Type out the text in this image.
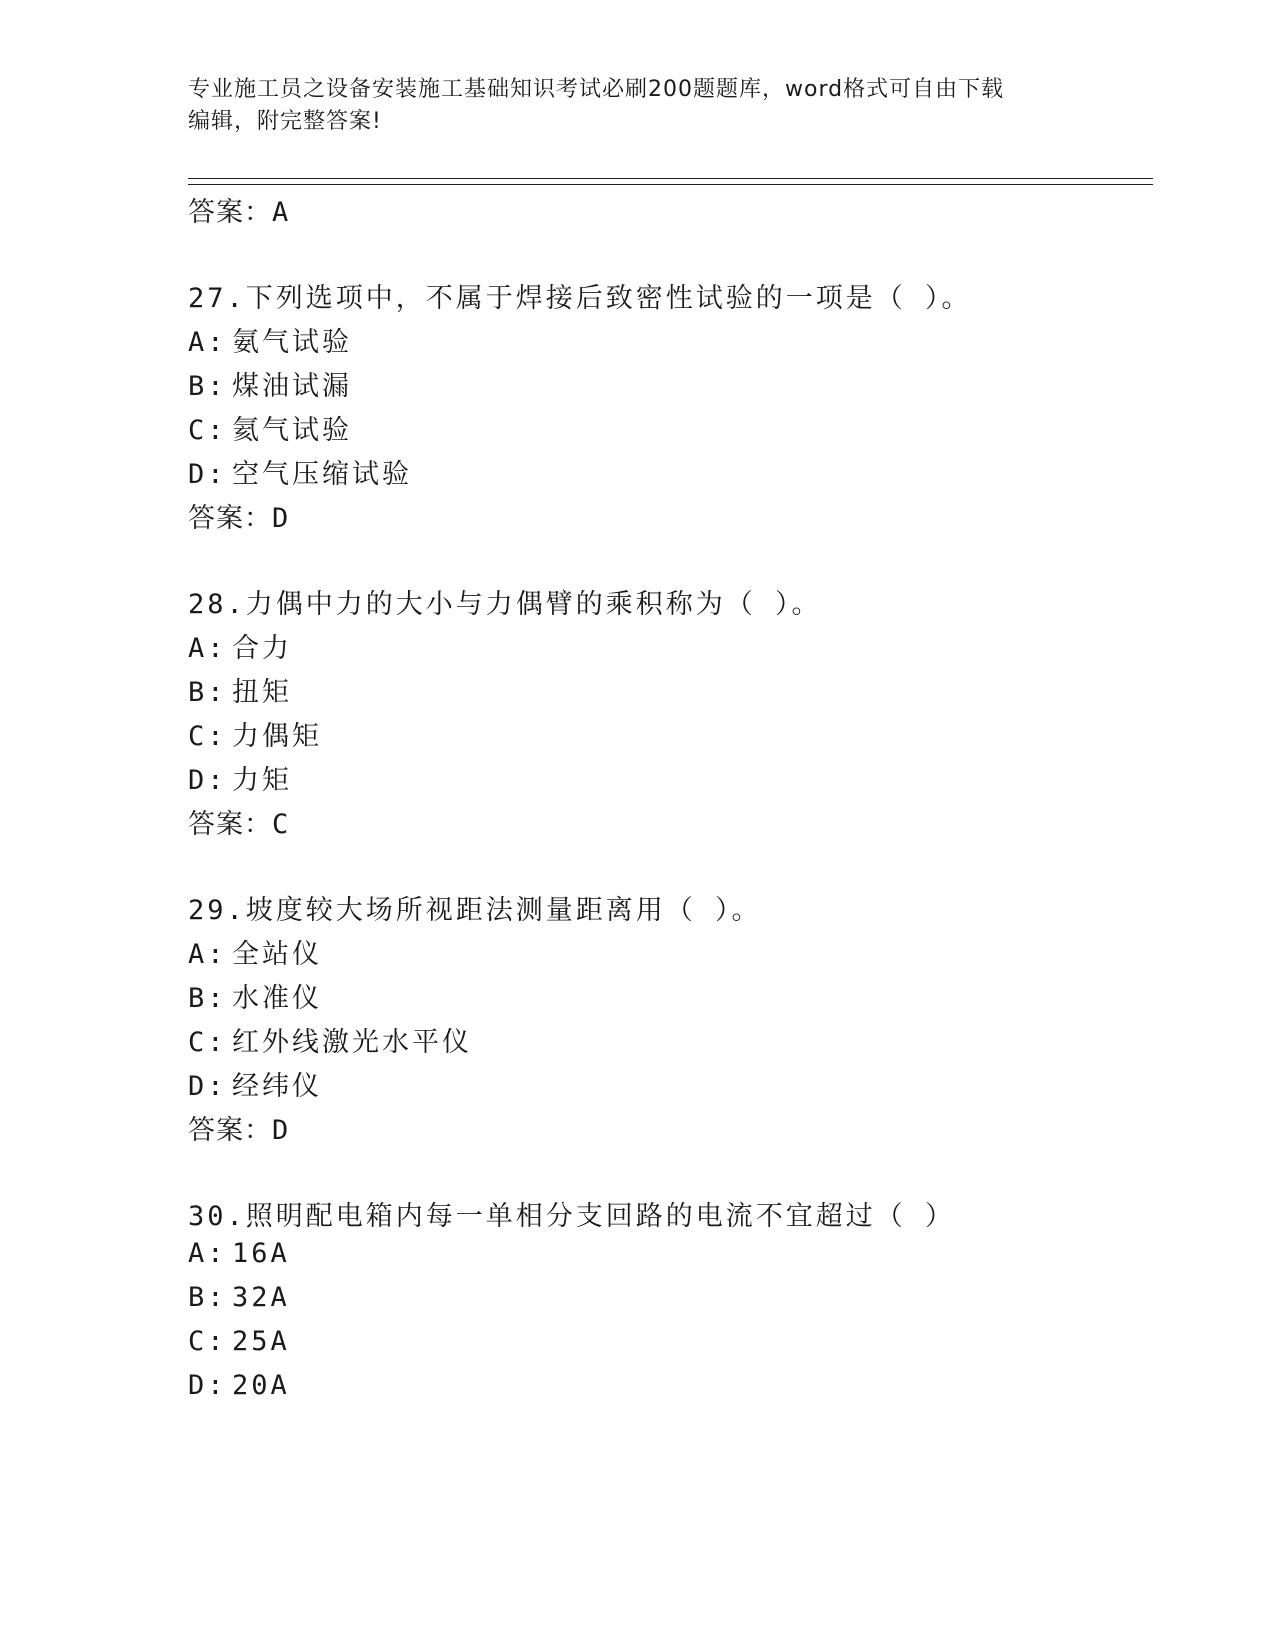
专业施工员之设备安装施工基础知识考试必刷200题题库，word格式可自由下载
编辑，附完整答案!
答案：A
27.下列选项中，不属于焊接后致密性试验的一项是（ ）。
A: 氨气试验
B: 煤油试漏
C: 氦气试验
D: 空气压缩试验
答案：D
28.力偶中力的大小与力偶臂的乘积称为（ ）。
A: 合力
B: 扭矩
C: 力偶矩
D: 力矩
答案：C
29.坡度较大场所视距法测量距离用（ ）。
A: 全站仪
B: 水准仪
C: 红外线激光水平仪
D: 经纬仪
答案：D
30.照明配电箱内每一单相分支回路的电流不宜超过（ ）
A: 16A
B: 32A
C: 25A
D: 20A
